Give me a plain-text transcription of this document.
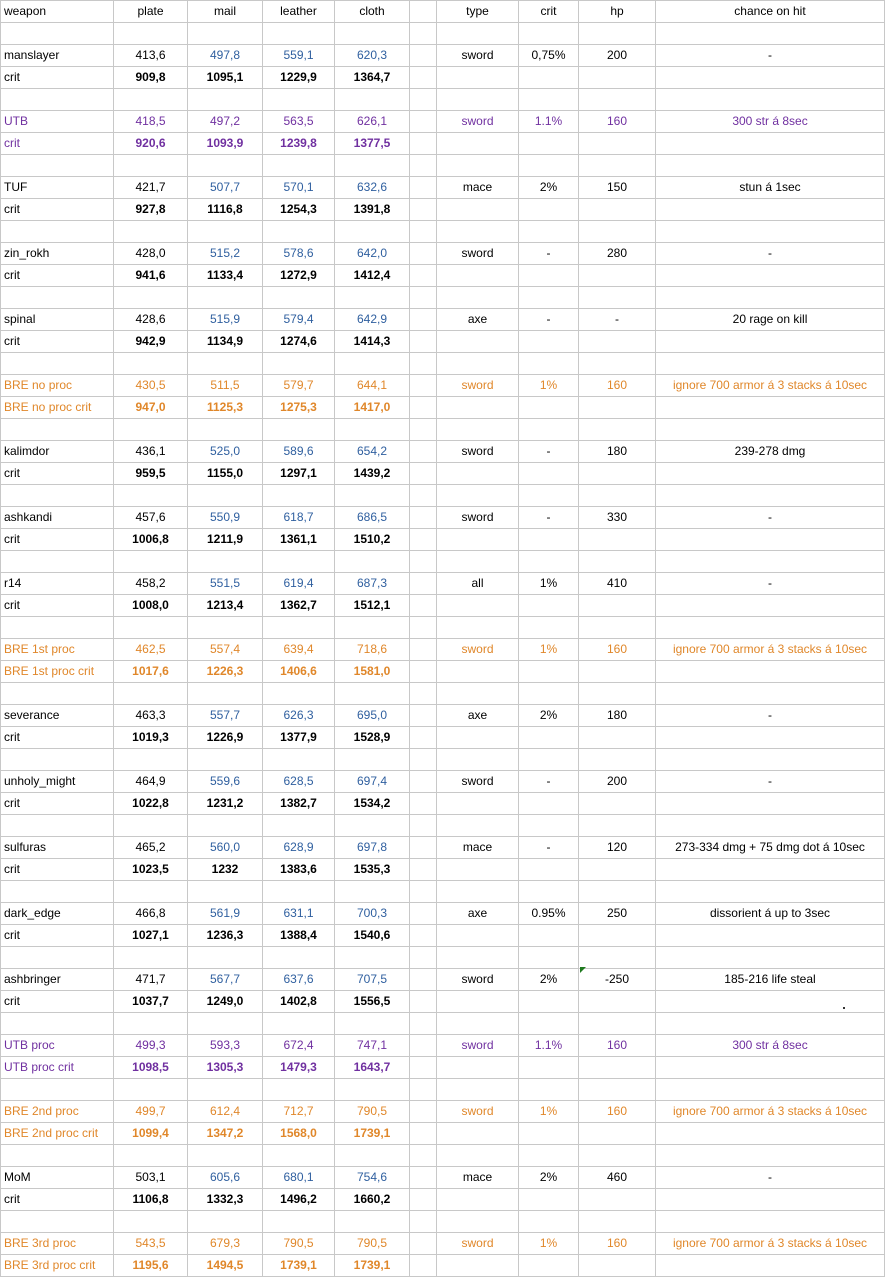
weapon	plate	mail	leather	cloth		type	crit	hp	chance on hit

manslayer	413,6	497,8	559,1	620,3		sword	0,75%	200	-
crit	909,8	1095,1	1229,9	1364,7					

UTB	418,5	497,2	563,5	626,1		sword	1.1%	160	300 str á 8sec
crit	920,6	1093,9	1239,8	1377,5					

TUF	421,7	507,7	570,1	632,6		mace	2%	150	stun á 1sec
crit	927,8	1116,8	1254,3	1391,8					

zin_rokh	428,0	515,2	578,6	642,0		sword	-	280	-
crit	941,6	1133,4	1272,9	1412,4					

spinal	428,6	515,9	579,4	642,9		axe	-	-	20 rage on kill
crit	942,9	1134,9	1274,6	1414,3					

BRE no proc	430,5	511,5	579,7	644,1		sword	1%	160	ignore 700 armor á 3 stacks á 10sec
BRE no proc crit	947,0	1125,3	1275,3	1417,0					

kalimdor	436,1	525,0	589,6	654,2		sword	-	180	239-278 dmg
crit	959,5	1155,0	1297,1	1439,2					

ashkandi	457,6	550,9	618,7	686,5		sword	-	330	-
crit	1006,8	1211,9	1361,1	1510,2					

r14	458,2	551,5	619,4	687,3		all	1%	410	-
crit	1008,0	1213,4	1362,7	1512,1					

BRE 1st proc	462,5	557,4	639,4	718,6		sword	1%	160	ignore 700 armor á 3 stacks á 10sec
BRE 1st proc crit	1017,6	1226,3	1406,6	1581,0					

severance	463,3	557,7	626,3	695,0		axe	2%	180	-
crit	1019,3	1226,9	1377,9	1528,9					

unholy_might	464,9	559,6	628,5	697,4		sword	-	200	-
crit	1022,8	1231,2	1382,7	1534,2					

sulfuras	465,2	560,0	628,9	697,8		mace	-	120	273-334 dmg + 75 dmg dot á 10sec
crit	1023,5	1232	1383,6	1535,3					

dark_edge	466,8	561,9	631,1	700,3		axe	0.95%	250	dissorient á up to 3sec
crit	1027,1	1236,3	1388,4	1540,6					

ashbringer	471,7	567,7	637,6	707,5		sword	2%	-250	185-216 life steal
crit	1037,7	1249,0	1402,8	1556,5					

UTB proc	499,3	593,3	672,4	747,1		sword	1.1%	160	300 str á 8sec
UTB proc crit	1098,5	1305,3	1479,3	1643,7					

BRE 2nd proc	499,7	612,4	712,7	790,5		sword	1%	160	ignore 700 armor á 3 stacks á 10sec
BRE 2nd proc crit	1099,4	1347,2	1568,0	1739,1					

MoM	503,1	605,6	680,1	754,6		mace	2%	460	-
crit	1106,8	1332,3	1496,2	1660,2					

BRE 3rd proc	543,5	679,3	790,5	790,5		sword	1%	160	ignore 700 armor á 3 stacks á 10sec
BRE 3rd proc crit	1195,6	1494,5	1739,1	1739,1					
